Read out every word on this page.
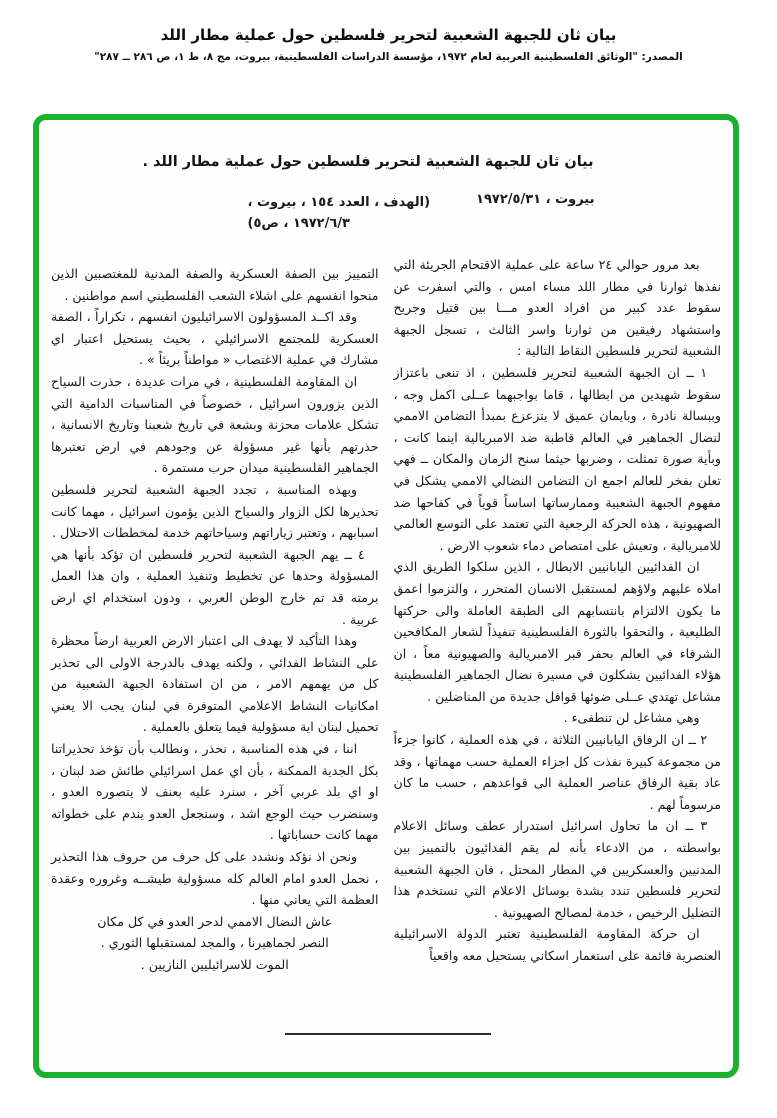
بيان ثان للجبهة الشعبية لتحرير فلسطين حول عملية مطار اللد
المصدر: "الوثائق الفلسطينية العربية لعام ١٩٧٢، مؤسسة الدراسات الفلسطينية، بيروت، مج ٨، ط ١، ص ٢٨٦ ــ ٢٨٧"
بيان ثان للجبهة الشعبية لتحرير فلسطين حول عملية مطار اللد .
بيروت ، ١٩٧٢/٥/٣١
(الهدف ، العدد ١٥٤ ، بيروت ،
١٩٧٢/٦/٣ ، ص٥)

بعد مرور حوالي ٢٤ ساعة على عملية الاقتحام الجريئة التي نفذها ثوارنا في مطار اللد مساء امس ، والتي اسفرت عن سقوط عدد كبير من افراد العدو مـــا بين قتيل وجريح واستشهاد رفيقين من ثوارنا واسر الثالث ، تسجل الجبهة الشعبية لتحرير فلسطين النقاط التالية :

١ ــ ان الجبهة الشعبية لتحرير فلسطين ، اذ تنعى باعتزاز سقوط شهيدين من ابطالها ، قاما بواجبهما عــلى اكمل وجه ، وببسالة نادرة ، وبايمان عميق لا يتزعزع بمبدأ التضامن الاممي لنضال الجماهير في العالم قاطبة ضد الامبريالية اينما كانت ، وبأية صورة تمثلت ، وضربها حيثما سنح الزمان والمكان ــ فهي تعلن بفخر للعالم اجمع ان التضامن النضالي الاممي يشكل في مفهوم الجبهة الشعبية وممارساتها اساساً قوياً في كفاحها ضد الصهيونية ، هذه الحركة الرجعية التي تعتمد على التوسع العالمي للامبريالية ، وتعيش على امتصاص دماء شعوب الارض .

ان الفدائيين اليابانيين الابطال ، الذين سلكوا الطريق الذي املاه عليهم ولاؤهم لمستقبل الانسان المتحرر ، والتزموا اعمق ما يكون الالتزام بانتسابهم الى الطبقة العاملة والى حركتها الطليعية ، والتحقوا بالثورة الفلسطينية تنفيذاً لشعار المكافحين الشرفاء في العالم بحفر قبر الامبريالية والصهيونية معاً ، ان هؤلاء الفدائيين يشكلون في مسيرة نضال الجماهير الفلسطينية مشاعل تهتدي عــلى ضوئها قوافل جديدة من المناضلين .

وهي مشاعل لن تنطفىء .

٢ ــ ان الرفاق اليابانيين الثلاثة ، في هذه العملية ، كانوا جزءاً من مجموعة كبيرة نفذت كل اجزاء العملية حسب مهماتها ، وقد عاد بقية الرفاق عناصر العملية الى قواعدهم ، حسب ما كان مرسوماً لهم .

٣ ــ ان ما تحاول اسرائيل استدرار عطف وسائل الاعلام بواسطته ، من الادعاء بأنه لم يقم الفدائيون بالتمييز بين المدنيين والعسكريين في المطار المحتل ، فان الجبهة الشعبية لتحرير فلسطين تندد بشدة بوسائل الاعلام التي تستخدم هذا التضليل الرخيص ، خدمة لمصالح الصهيونية .

ان حركة المقاومة الفلسطينية تعتبر الدولة الاسرائيلية العنصرية قائمة على استعمار اسكاني يستحيل معه واقعياً

التمييز بين الصفة العسكرية والصفة المدنية للمغتصبين الذين منحوا انفسهم على اشلاء الشعب الفلسطيني اسم مواطنين .

وقد اكــد المسؤولون الاسرائيليون انفسهم ، تكراراً ، الصفة العسكرية للمجتمع الاسرائيلي ، بحيث يستحيل اعتبار اي مشارك في عملية الاغتصاب « مواطناً بريئاً » .

ان المقاومة الفلسطينية ، في مرات عديدة ، حذرت السياح الذين يزورون اسرائيل ، خصوصاً في المناسبات الدامية التي تشكل علامات محزنة وبشعة في تاريخ شعبنا وتاريخ الانسانية ، حذرتهم بأنها غير مسؤولة عن وجودهم في ارض تعتبرها الجماهير الفلسطينية ميدان حرب مستمرة .

وبهذه المناسبة ، تجدد الجبهة الشعبية لتحرير فلسطين تحذيرها لكل الزوار والسياح الذين يؤمون اسرائيل ، مهما كانت اسبابهم ، وتعتبر زياراتهم وسياحاتهم خدمة لمخططات الاحتلال .

٤ ــ يهم الجبهة الشعبية لتحرير فلسطين ان تؤكد بأنها هي المسؤولة وحدها عن تخطيط وتنفيذ العملية ، وان هذا العمل برمته قد تم خارج الوطن العربي ، ودون استخدام اي ارض عربية .

وهذا التأكيد لا يهدف الى اعتبار الارض العربية ارضاً محظرة على النشاط الفدائي ، ولكنه يهدف بالدرجة الاولى الى تحذير كل من يهمهم الامر ، من ان استفادة الجبهة الشعبية من امكانيات النشاط الاعلامي المتوفرة في لبنان يجب الا يعني تحميل لبنان اية مسؤولية فيما يتعلق بالعملية .

اننا ، في هذه المناسبة ، نحذر ، ونطالب بأن تؤخذ تحذيراتنا بكل الجدية الممكنة ، بأن اي عمل اسرائيلي طائش ضد لبنان ، او اي بلد عربي آخر ، سنرد عليه بعنف لا يتصوره العدو ، وسنضرب حيث الوجع اشد ، وسنجعل العدو يندم على خطواته مهما كانت حساباتها .

ونحن اذ نؤكد ونشدد على كل حرف من حروف هذا التحذير ، نحمل العدو امام العالم كله مسؤولية طيشــه وغروره وعقدة العظمة التي يعاني منها .

عاش النضال الاممي لدحر العدو في كل مكان

النصر لجماهيرنا ، والمجد لمستقبلها الثوري .

الموت للاسرائيليين النازيين .
